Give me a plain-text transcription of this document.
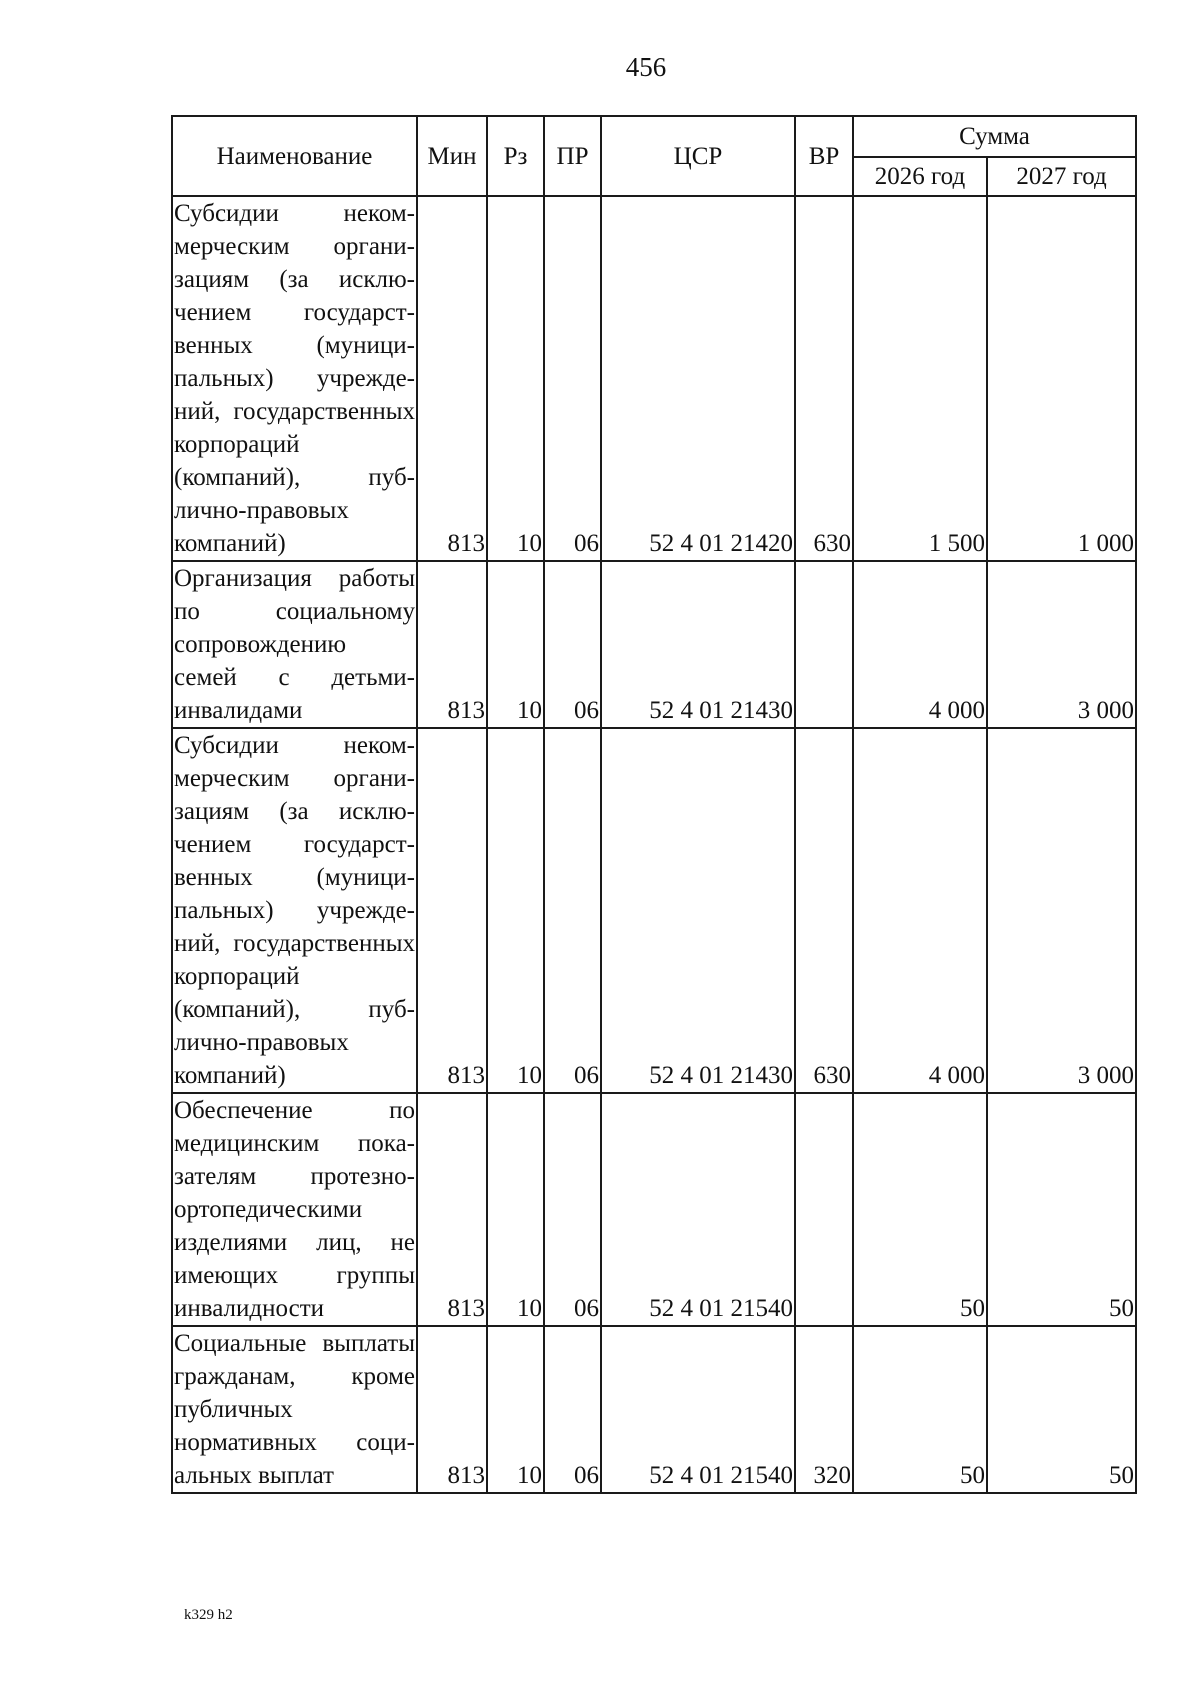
456
Наименование	Мин	Рз	ПР	ЦСР	ВР	Сумма	
						2026 год	2027 год
Субсидии некоммерческим организациям (за исключением государственных (муниципальных) учреждений, государственных корпораций (компаний), публично-правовых компаний)	813	10	06	52 4 01 21420	630	1 500	1 000
Организация работы по социальному сопровождению семей с детьми-инвалидами	813	10	06	52 4 01 21430		4 000	3 000
Субсидии некоммерческим организациям (за исключением государственных (муниципальных) учреждений, государственных корпораций (компаний), публично-правовых компаний)	813	10	06	52 4 01 21430	630	4 000	3 000
Обеспечение по медицинским показателям протезно-ортопедическими изделиями лиц, не имеющих группы инвалидности	813	10	06	52 4 01 21540		50	50
Социальные выплаты гражданам, кроме публичных нормативных социальных выплат	813	10	06	52 4 01 21540	320	50	50
k329 h2
